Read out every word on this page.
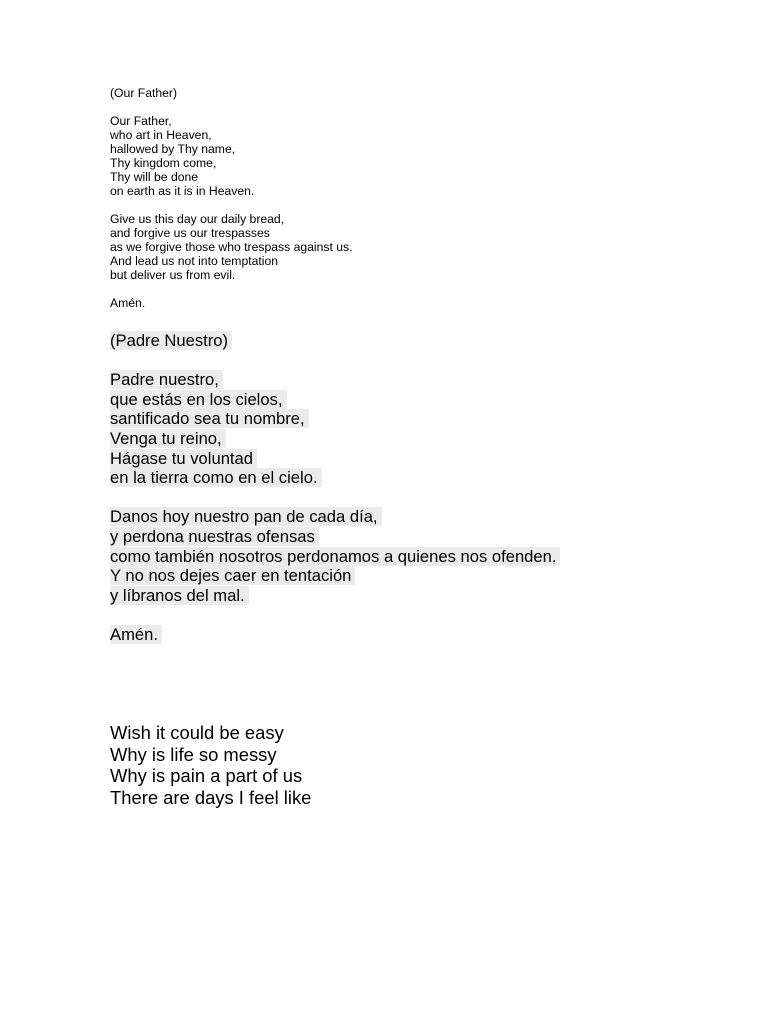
(Our Father)

Our Father,
who art in Heaven,
hallowed by Thy name,
Thy kingdom come,
Thy will be done
on earth as it is in Heaven.

Give us this day our daily bread,
and forgive us our trespasses
as we forgive those who trespass against us.
And lead us not into temptation
but deliver us from evil.

Amén.
(Padre Nuestro)

Padre nuestro,
que estás en los cielos,
santificado sea tu nombre,
Venga tu reino,
Hágase tu voluntad
en la tierra como en el cielo.

Danos hoy nuestro pan de cada día,
y perdona nuestras ofensas
como también nosotros perdonamos a quienes nos ofenden.
Y no nos dejes caer en tentación
y líbranos del mal.

Amén.
Wish it could be easy
Why is life so messy
Why is pain a part of us
There are days I feel like
